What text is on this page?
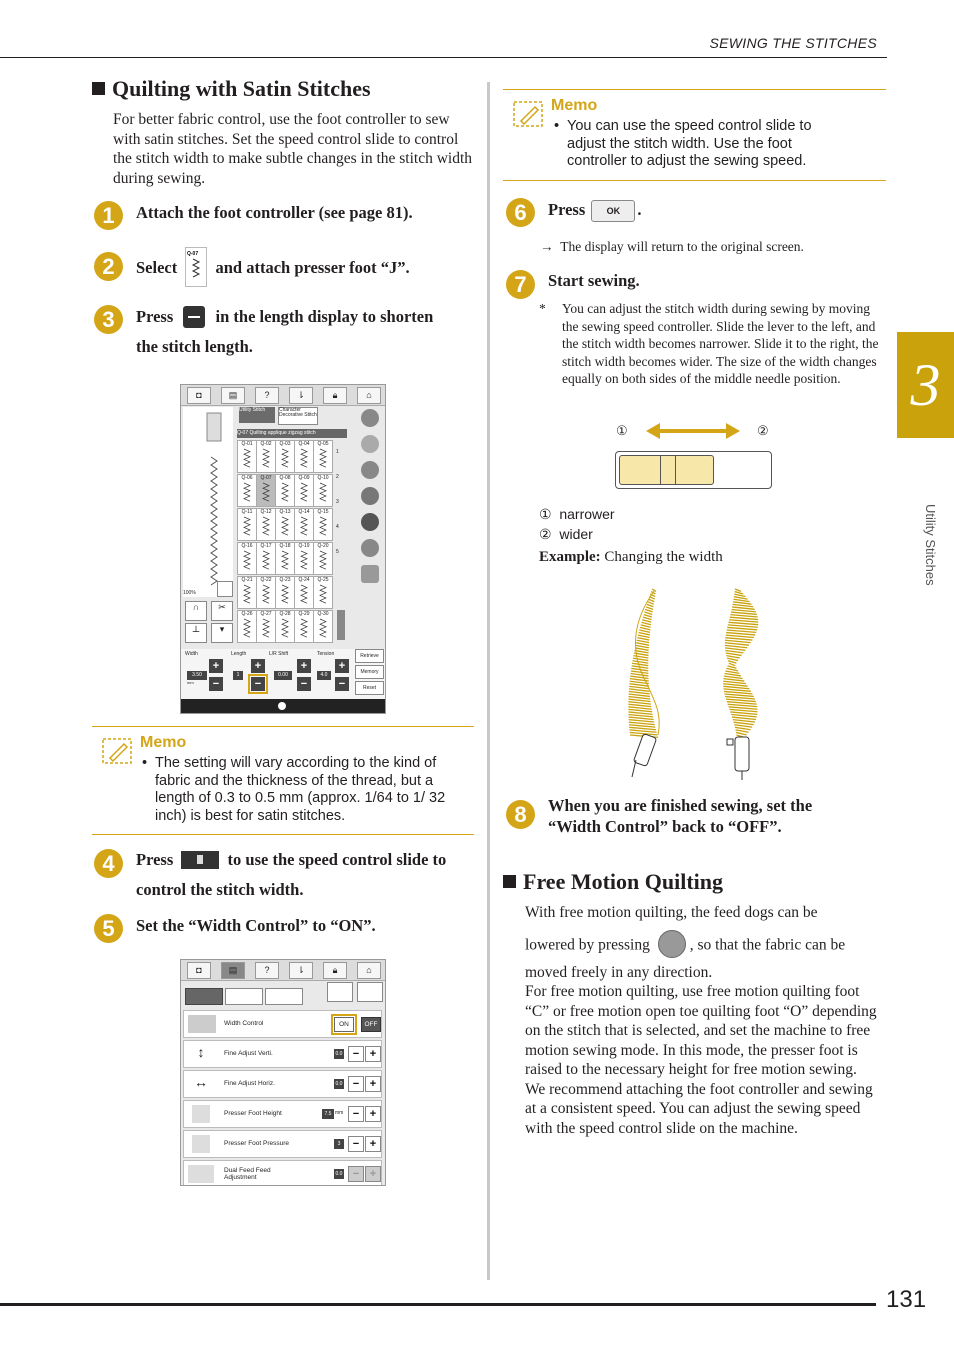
SEWING THE STITCHES
3
Utility Stitches
Quilting with Satin Stitches
For better fabric control, use the foot controller to sew with satin stitches. Set the speed control slide to control the stitch width to make subtle changes in the stitch width during sewing.
1	Attach the foot controller (see page 81).
2	Select
Q-07
and attach presser foot “J”.
3	Press	in the length display to shorten
the stitch length.
◘	▤	?	⇂	🔒︎	⌂
100%
Utility Stitch	Character Decorative Stitch
Q-07 Quilting applique zigzag stitch
Q-01	Q-02	Q-03	Q-04	Q-05
Q-06	Q-07	Q-08	Q-09	Q-10
Q-11	Q-12	Q-13	Q-14	Q-15
Q-16	Q-17	Q-18	Q-19	Q-20
Q-21	Q-22	Q-23	Q-24	Q-25
Q-26	Q-27	Q-28	Q-29	Q-30
1
2
3
4
5
∩	✂
⊥	▾
Width	Length	L/R Shift	Tension
3.50
mm
1	0.00	4.0
+
−
+
−
+
−
+
−
Retrieve
Memory
Reset
Memo
• The setting will vary according to the kind of fabric and the thickness of the thread, but a length of 0.3 to 0.5 mm (approx. 1/64 to 1/ 32 inch) is best for satin stitches.
4	Press	to use the speed control slide to
control the stitch width.
5	Set the “Width Control” to “ON”.
◘	▤	?	⇂	🔒︎	⌂
Width Control	ON	OFF
↕	Fine Adjust Verti.	0.0 − +
↔	Fine Adjust Horiz.	0.0 − +
Presser Foot Height	7.5 mm − +
Presser Foot Pressure	3	− +
Dual Feed Feed Adjustment	0.0 − +
Memo
• You can use the speed control slide to adjust the stitch width. Use the foot controller to adjust the sewing speed.
6	Press OK .
→ The display will return to the original screen.
7	Start sewing.
* You can adjust the stitch width during sewing by moving the sewing speed controller. Slide the lever to the left, and the stitch width becomes narrower. Slide it to the right, the stitch width becomes wider. The size of the width changes equally on both sides of the middle needle position.
①	②
① narrower
② wider
Example: Changing the width
8	When you are finished sewing, set the
“Width Control” back to “OFF”.
Free Motion Quilting
With free motion quilting, the feed dogs can be
lowered by pressing	, so that the fabric can be
moved freely in any direction.
For free motion quilting, use free motion quilting foot “C” or free motion open toe quilting foot “O” depending on the stitch that is selected, and set the machine to free motion sewing mode. In this mode, the presser foot is raised to the necessary height for free motion sewing.
We recommend attaching the foot controller and sewing at a consistent speed. You can adjust the sewing speed with the speed control slide on the machine.
131
